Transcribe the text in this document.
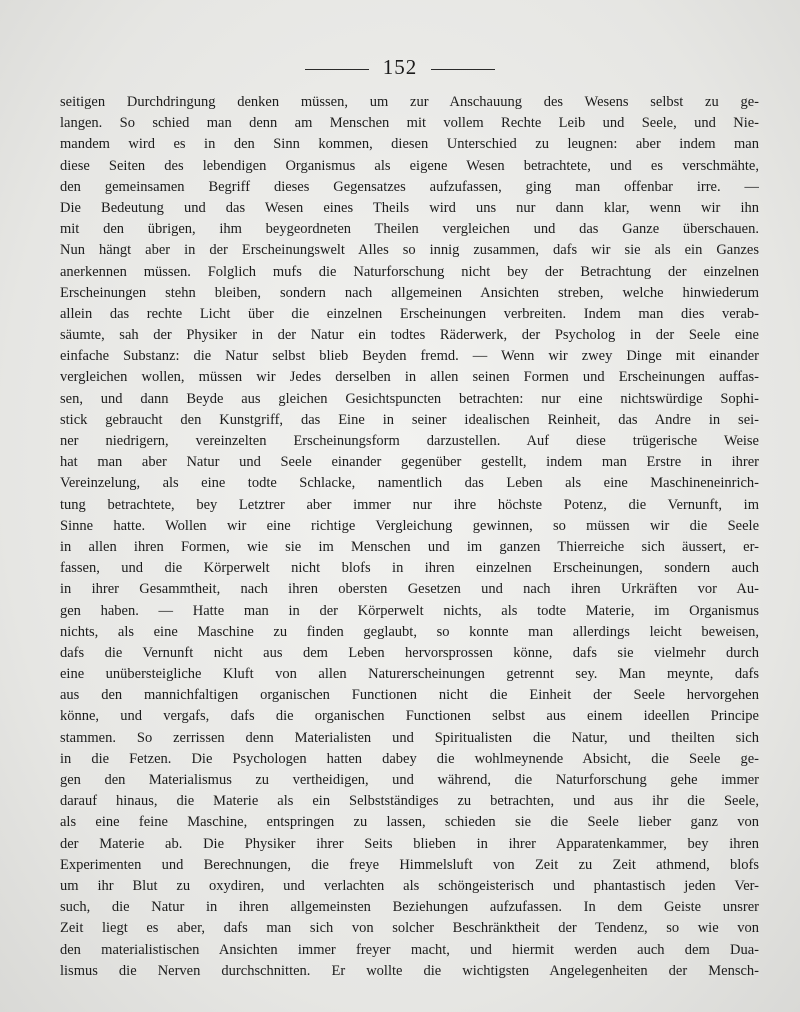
152
seitigen Durchdringung denken müssen, um zur Anschauung des Wesens selbst zu ge-
langen. So schied man denn am Menschen mit vollem Rechte Leib und Seele, und Nie-
mandem wird es in den Sinn kommen, diesen Unterschied zu leugnen: aber indem man
diese Seiten des lebendigen Organismus als eigene Wesen betrachtete, und es verschmähte,
den gemeinsamen Begriff dieses Gegensatzes aufzufassen, ging man offenbar irre. —
Die Bedeutung und das Wesen eines Theils wird uns nur dann klar, wenn wir ihn
mit den übrigen, ihm beygeordneten Theilen vergleichen und das Ganze überschauen.
Nun hängt aber in der Erscheinungswelt Alles so innig zusammen, dafs wir sie als ein Ganzes
anerkennen müssen. Folglich mufs die Naturforschung nicht bey der Betrachtung der einzelnen
Erscheinungen stehn bleiben, sondern nach allgemeinen Ansichten streben, welche hinwiederum
allein das rechte Licht über die einzelnen Erscheinungen verbreiten. Indem man dies verab-
säumte, sah der Physiker in der Natur ein todtes Räderwerk, der Psycholog in der Seele eine
einfache Substanz: die Natur selbst blieb Beyden fremd. — Wenn wir zwey Dinge mit einander
vergleichen wollen, müssen wir Jedes derselben in allen seinen Formen und Erscheinungen auffas-
sen, und dann Beyde aus gleichen Gesichtspuncten betrachten: nur eine nichtswürdige Sophi-
stick gebraucht den Kunstgriff, das Eine in seiner idealischen Reinheit, das Andre in sei-
ner niedrigern, vereinzelten Erscheinungsform darzustellen. Auf diese trügerische Weise
hat man aber Natur und Seele einander gegenüber gestellt, indem man Erstre in ihrer
Vereinzelung, als eine todte Schlacke, namentlich das Leben als eine Maschineneinrich-
tung betrachtete, bey Letztrer aber immer nur ihre höchste Potenz, die Vernunft, im
Sinne hatte. Wollen wir eine richtige Vergleichung gewinnen, so müssen wir die Seele
in allen ihren Formen, wie sie im Menschen und im ganzen Thierreiche sich äussert, er-
fassen, und die Körperwelt nicht blofs in ihren einzelnen Erscheinungen, sondern auch
in ihrer Gesammtheit, nach ihren obersten Gesetzen und nach ihren Urkräften vor Au-
gen haben. — Hatte man in der Körperwelt nichts, als todte Materie, im Organismus
nichts, als eine Maschine zu finden geglaubt, so konnte man allerdings leicht beweisen,
dafs die Vernunft nicht aus dem Leben hervorsprossen könne, dafs sie vielmehr durch
eine unübersteigliche Kluft von allen Naturerscheinungen getrennt sey. Man meynte, dafs
aus den mannichfaltigen organischen Functionen nicht die Einheit der Seele hervorgehen
könne, und vergafs, dafs die organischen Functionen selbst aus einem ideellen Principe
stammen. So zerrissen denn Materialisten und Spiritualisten die Natur, und theilten sich
in die Fetzen. Die Psychologen hatten dabey die wohlmeynende Absicht, die Seele ge-
gen den Materialismus zu vertheidigen, und während, die Naturforschung gehe immer
darauf hinaus, die Materie als ein Selbstständiges zu betrachten, und aus ihr die Seele,
als eine feine Maschine, entspringen zu lassen, schieden sie die Seele lieber ganz von
der Materie ab. Die Physiker ihrer Seits blieben in ihrer Apparatenkammer, bey ihren
Experimenten und Berechnungen, die freye Himmelsluft von Zeit zu Zeit athmend, blofs
um ihr Blut zu oxydiren, und verlachten als schöngeisterisch und phantastisch jeden Ver-
such, die Natur in ihren allgemeinsten Beziehungen aufzufassen. In dem Geiste unsrer
Zeit liegt es aber, dafs man sich von solcher Beschränktheit der Tendenz, so wie von
den materialistischen Ansichten immer freyer macht, und hiermit werden auch dem Dua-
lismus die Nerven durchschnitten. Er wollte die wichtigsten Angelegenheiten der Mensch-
